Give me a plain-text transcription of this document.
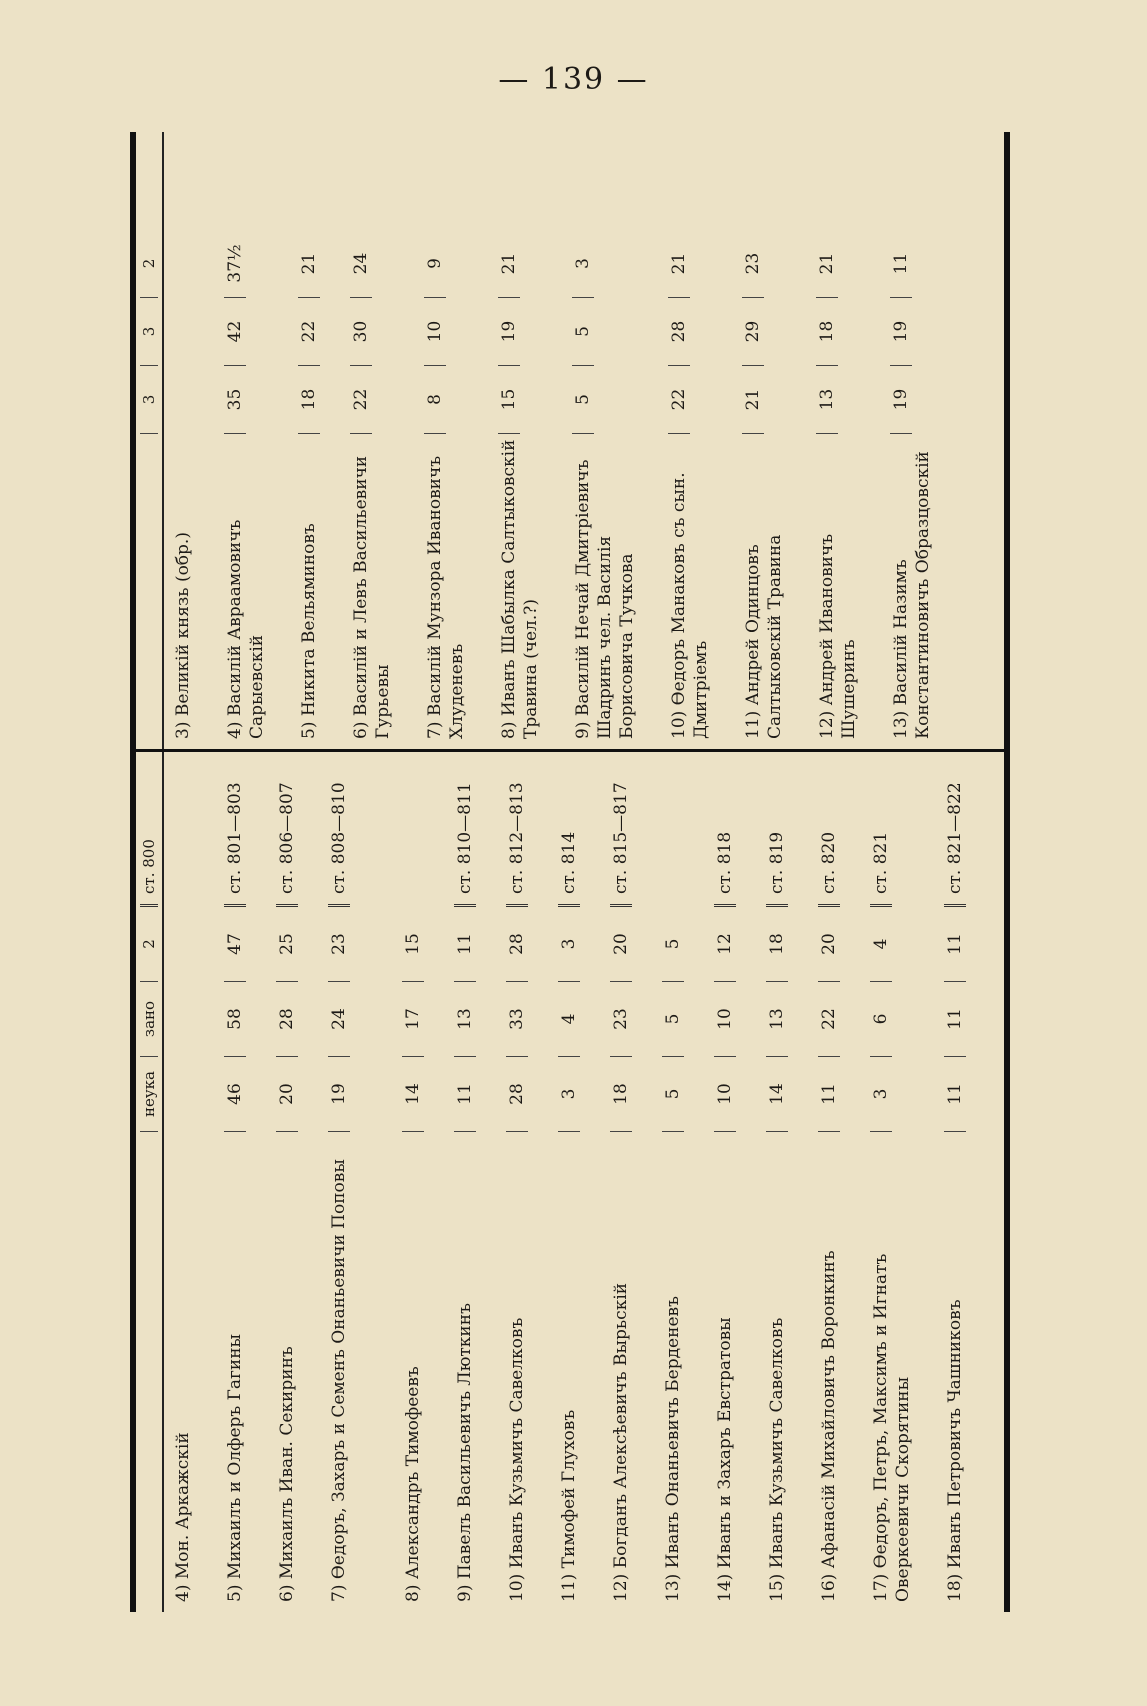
— 139 —
неука
зано
2
ст. 800
4) Мон. Аркажскій 5) Михаилъ и Олферъ Гагины
46
58
47
ст. 801—803
6) Михаилъ Иван. Секиринъ
20
28
25
ст. 806—807
7) Өедоръ, Захаръ и Семенъ Онаньевичи Поповы
19
24
23
ст. 808—810
8) Александръ Тимофеевъ
14
17
15
9) Павелъ Васильевичъ Люткинъ
11
13
11
ст. 810—811
10) Иванъ Кузьмичъ Савелковъ
28
33
28
ст. 812—813
11) Тимофей Глуховъ
3
4
3
ст. 814
12) Богданъ Алексѣевичъ Вырьскій
18
23
20
ст. 815—817
13) Иванъ Онаньевичъ Берденевъ
5
5
5
14) Иванъ и Захаръ Евстратовы
10
10
12
ст. 818
15) Иванъ Кузьмичъ Савелковъ
14
13
18
ст. 819
16) Афанасій Михайловичъ Воронкинъ
11
22
20
ст. 820
17) Өедоръ, Петръ, Максимъ и Игнатъ Оверкеевичи Скорятины
3
6
4
ст. 821
18) Иванъ Петровичъ Чашниковъ
11
11
11
ст. 821—822
3
3
2
3) Великій князь (обр.) 4) Василій Авраамовичъ Сарыевскій
35
42
37½
5) Никита Вельяминовъ
18
22
21
6) Василій и Левъ Васильевичи Гурьевы
22
30
24
7) Василій Мунзора Ивановичъ Хлуденевъ
8
10
9
8) Иванъ Шабылка Салтыковскій Травина (чел.?)
15
19
21
9) Василій Нечай Дмитріевичъ Шадринъ чел. Василія Борисовича Тучкова
5
5
3
10) Өедоръ Манаковъ съ сын. Дмитріемъ
22
28
21
11) Андрей Одинцовъ Салтыковскій Травина
21
29
23
12) Андрей Ивановичъ Шушеринъ
13
18
21
13) Василій Назимъ Константиновичъ Образцовскій
19
19
11
